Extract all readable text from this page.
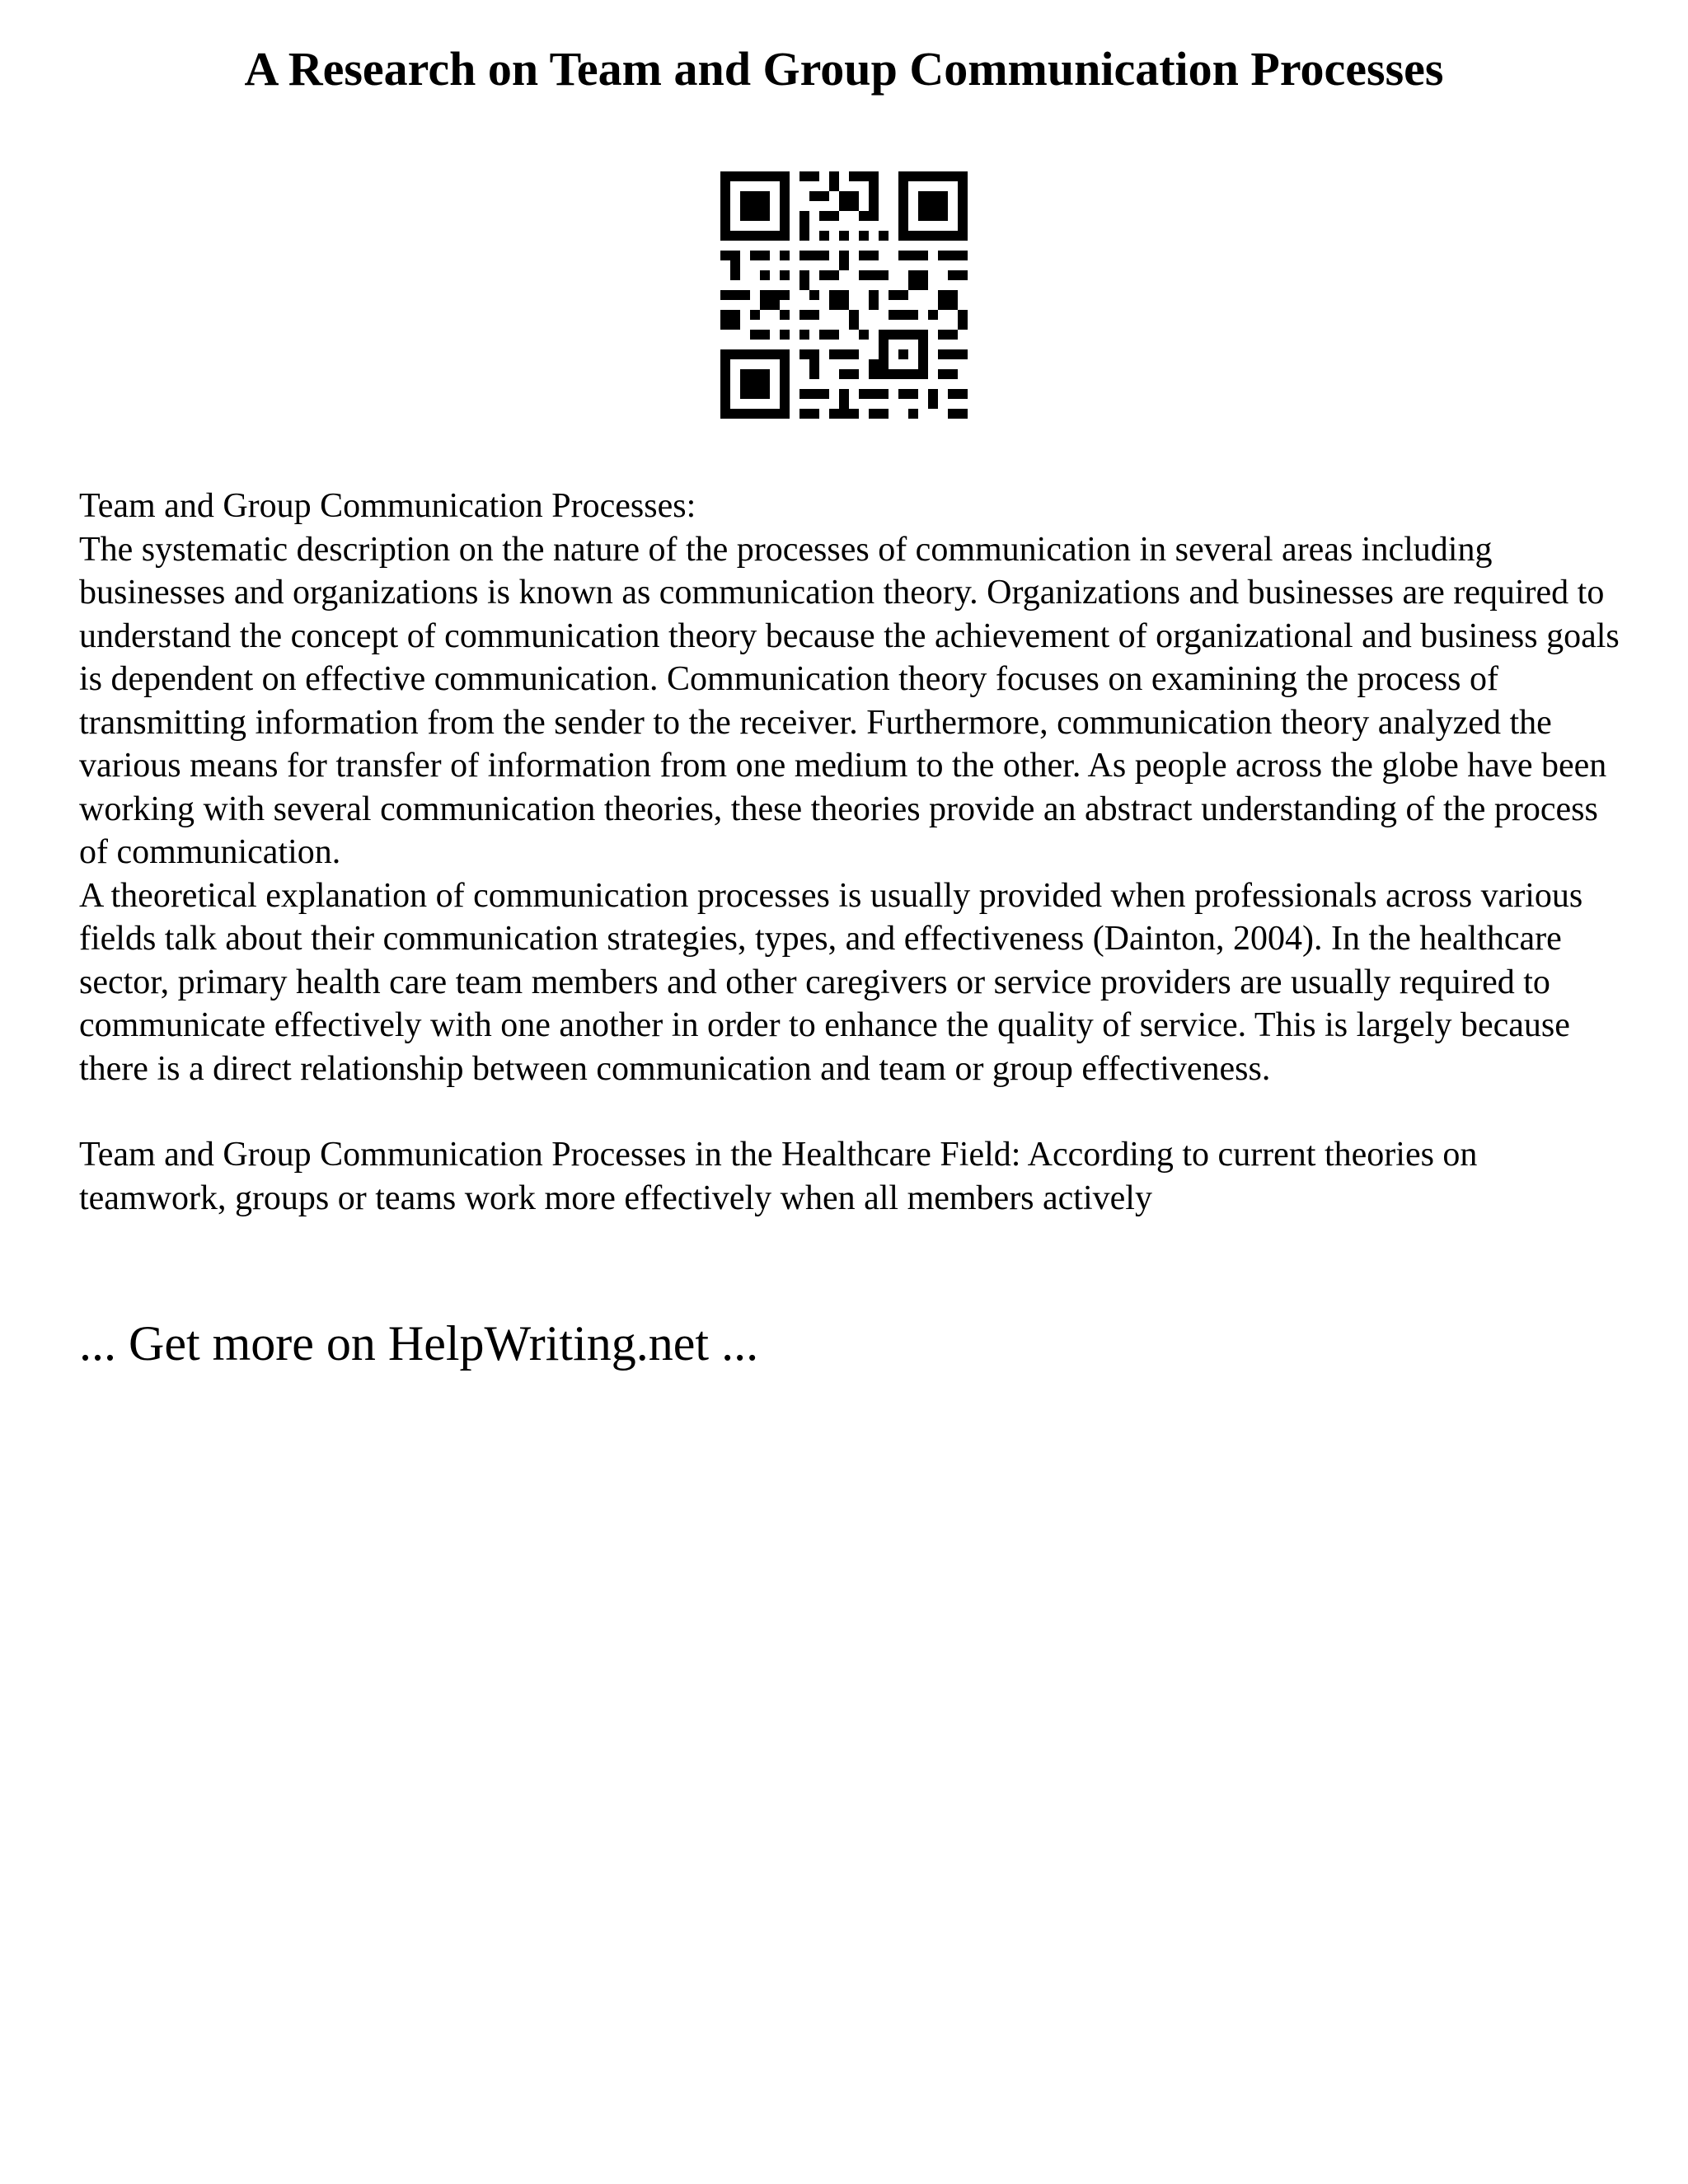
A Research on Team and Group Communication Processes

Team and Group Communication Processes:

The systematic description on the nature of the processes of communication in several areas including businesses and organizations is known as communication theory. Organizations and businesses are required to understand the concept of communication theory because the achievement of organizational and business goals is dependent on effective communication. Communication theory focuses on examining the process of transmitting information from the sender to the receiver. Furthermore, communication theory analyzed the various means for transfer of information from one medium to the other. As people across the globe have been working with several communication theories, these theories provide an abstract understanding of the process of communication.

A theoretical explanation of communication processes is usually provided when professionals across various fields talk about their communication strategies, types, and effectiveness (Dainton, 2004). In the healthcare sector, primary health care team members and other caregivers or service providers are usually required to communicate effectively with one another in order to enhance the quality of service. This is largely because there is a direct relationship between communication and team or group effectiveness.

Team and Group Communication Processes in the Healthcare Field: According to current theories on teamwork, groups or teams work more effectively when all members actively

... Get more on HelpWriting.net ...
